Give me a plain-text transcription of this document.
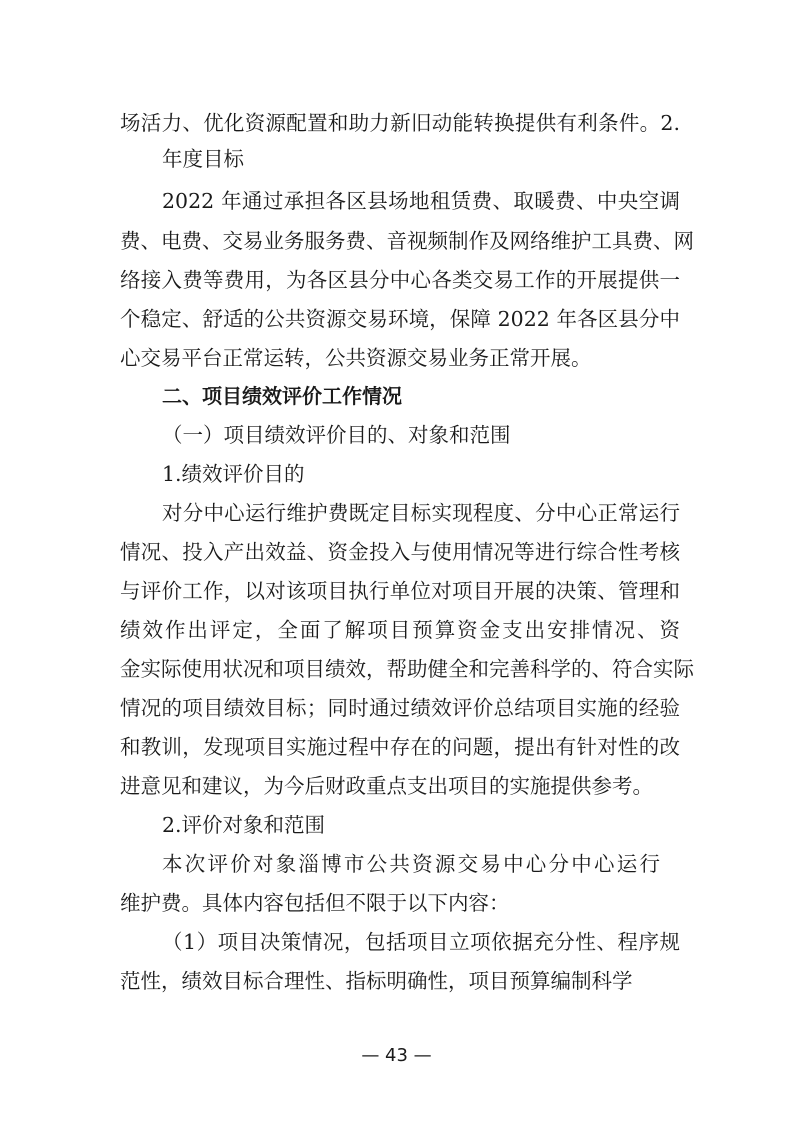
场活力、优化资源配置和助力新旧动能转换提供有利条件。2.

年度目标

2022 年通过承担各区县场地租赁费、取暖费、中央空调

费、电费、交易业务服务费、音视频制作及网络维护工具费、网

络接入费等费用，为各区县分中心各类交易工作的开展提供一

个稳定、舒适的公共资源交易环境，保障 2022 年各区县分中

心交易平台正常运转，公共资源交易业务正常开展。

二、项目绩效评价工作情况

（一）项目绩效评价目的、对象和范围

1.绩效评价目的

对分中心运行维护费既定目标实现程度、分中心正常运行

情况、投入产出效益、资金投入与使用情况等进行综合性考核

与评价工作，以对该项目执行单位对项目开展的决策、管理和

绩效作出评定，全面了解项目预算资金支出安排情况、资

金实际使用状况和项目绩效，帮助健全和完善科学的、符合实际

情况的项目绩效目标；同时通过绩效评价总结项目实施的经验

和教训，发现项目实施过程中存在的问题，提出有针对性的改

进意见和建议，为今后财政重点支出项目的实施提供参考。

2.评价对象和范围

本次评价对象淄博市公共资源交易中心分中心运行

维护费。具体内容包括但不限于以下内容：

（1）项目决策情况，包括项目立项依据充分性、程序规

范性，绩效目标合理性、指标明确性，项目预算编制科学

— 43 —
